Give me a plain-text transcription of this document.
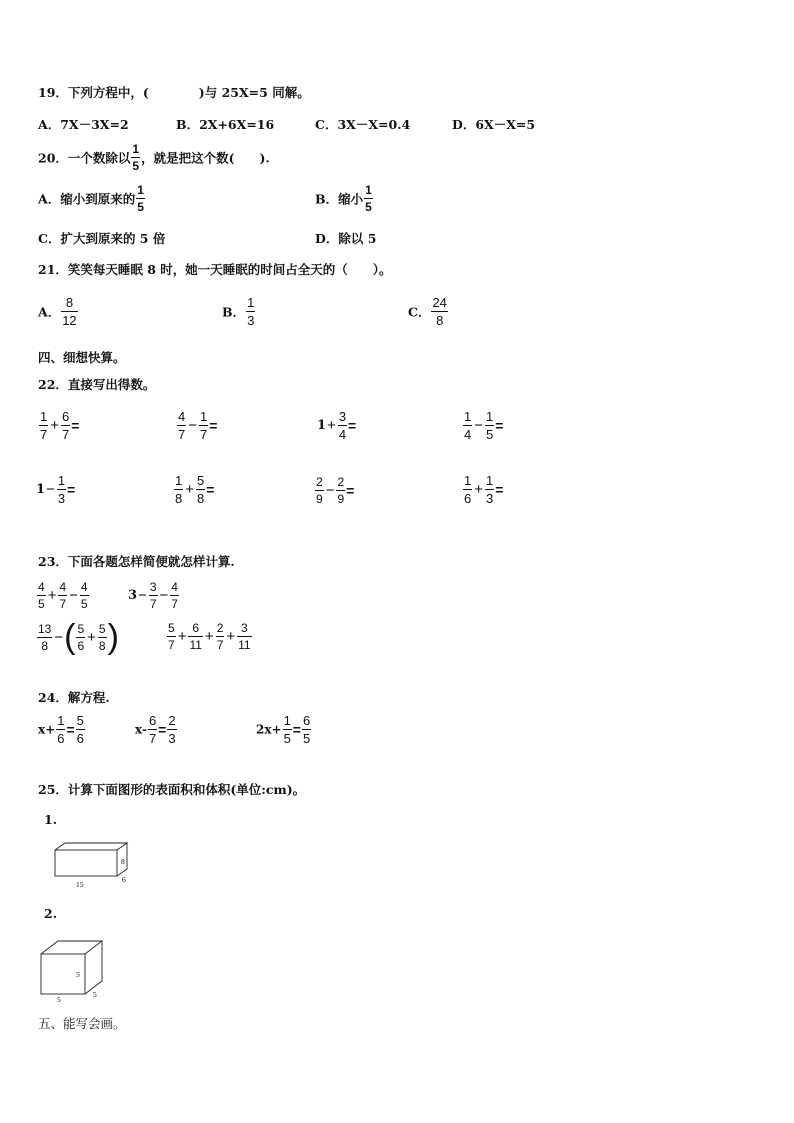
19．下列方程中，(　　　　)与 25X=5 同解。
A．7X－3X=2	B．2X+6X=16	C．3X－X=0.4	D．6X－X=5
20．一个数除以 $\frac{1}{5}$ ，就是把这个数(　　).
A．缩小到原来的 $\frac{1}{5}$	B．缩小 $\frac{1}{5}$
C．扩大到原来的 5 倍	D．除以 5
21．笑笑每天睡眠 8 时，她一天睡眠的时间占全天的（　　）。
A． $\frac{8}{12}$	B． $\frac{1}{3}$	C． $\frac{24}{8}$
四、细想快算。
22．直接写出得数。
$\frac{1}{7} + \frac{6}{7}$ =	$\frac{4}{7} - \frac{1}{7}$ =	$1+ \frac{3}{4}$ =	$\frac{1}{4} - \frac{1}{5}$ =
$1- \frac{1}{3}$ =	$\frac{1}{8} + \frac{5}{8}$ =	$\frac{2}{9} - \frac{2}{9}$ =	$\frac{1}{6} + \frac{1}{3}$ =
23．下面各题怎样简便就怎样计算.
$\frac{4}{5} + \frac{4}{7} - \frac{4}{5}$	$3- \frac{3}{7} - \frac{4}{7}$
$\frac{13}{8}$ −( $\frac{5}{6} + \frac{5}{8}$ )	$\frac{5}{7} + \frac{6}{11} + \frac{2}{7} + \frac{3}{11}$
24．解方程.
$x+ \frac{1}{6} = \frac{5}{6}$	$x- \frac{6}{7} = \frac{2}{3}$	$2x+ \frac{1}{5} = \frac{6}{5}$
25．计算下面图形的表面积和体积(单位:cm)。
1.
8
15
6
2.
5
5
5
五、能写会画。
